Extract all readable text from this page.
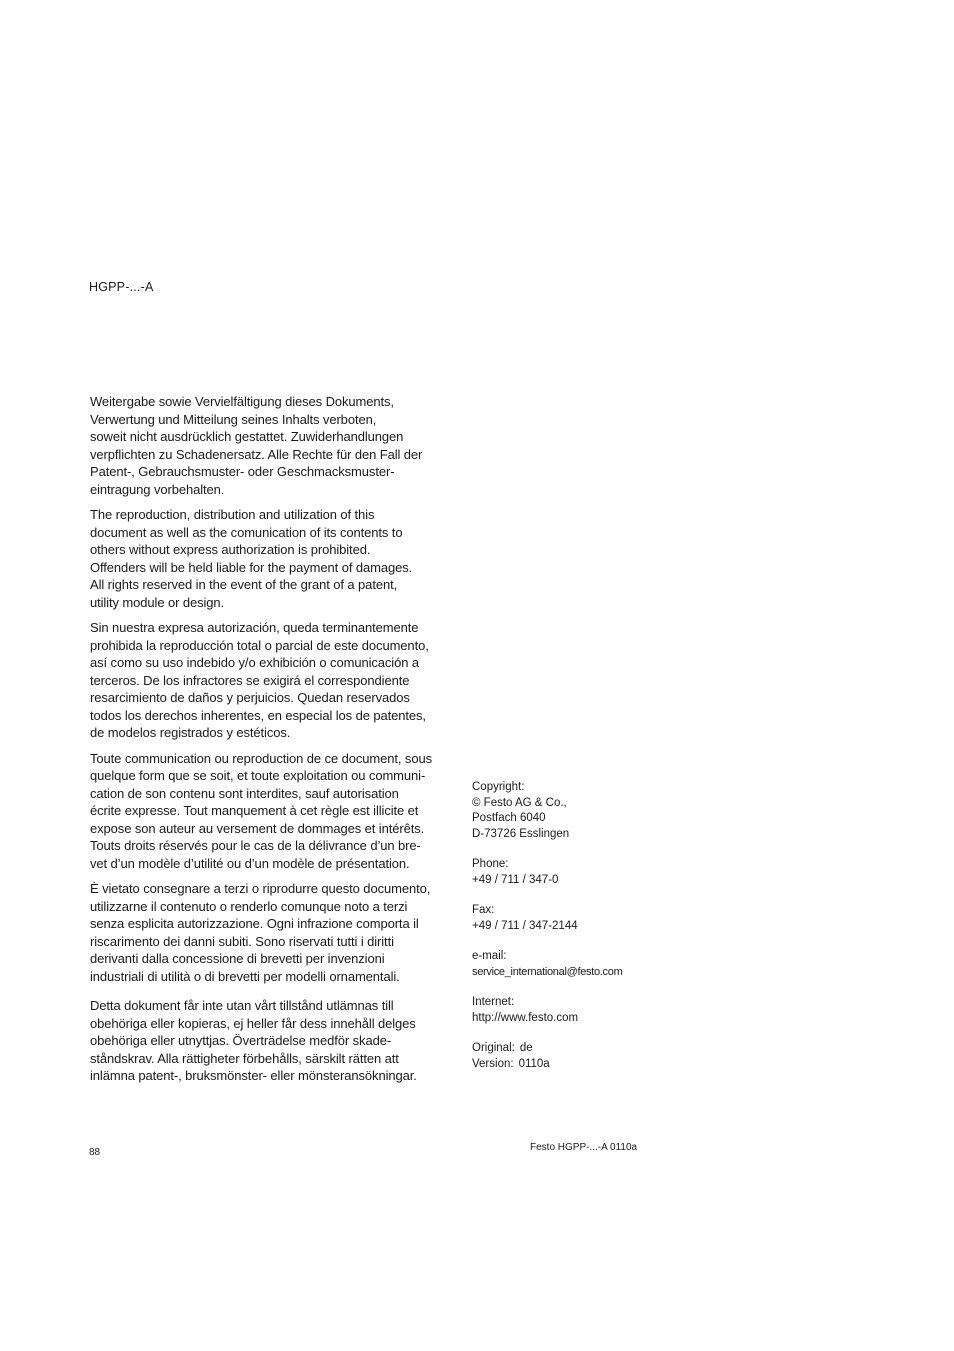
HGPP-...-A

Weitergabe sowie Vervielfältigung dieses Dokuments,
Verwertung und Mitteilung seines Inhalts verboten,
soweit nicht ausdrücklich gestattet. Zuwiderhandlungen
verpflichten zu Schadenersatz. Alle Rechte für den Fall der
Patent-, Gebrauchsmuster- oder Geschmacksmuster-
eintragung vorbehalten.

The reproduction, distribution and utilization of this
document as well as the comunication of its contents to
others without express authorization is prohibited.
Offenders will be held liable for the payment of damages.
All rights reserved in the event of the grant of a patent,
utility module or design.

Sin nuestra expresa autorización, queda terminantemente
prohibida la reproducción total o parcial de este documento,
así como su uso indebido y/o exhibición o comunicación a
terceros. De los infractores se exigirá el correspondiente
resarcimiento de daños y perjuicios. Quedan reservados
todos los derechos inherentes, en especial los de patentes,
de modelos registrados y estéticos.

Toute communication ou reproduction de ce document, sous
quelque form que se soit, et toute exploitation ou communi-
cation de son contenu sont interdites, sauf autorisation
écrite expresse. Tout manquement à cet règle est illicite et
expose son auteur au versement de dommages et intérêts.
Touts droits réservés pour le cas de la délivrance d’un bre-
vet d’un modèle d’utilité ou d’un modèle de présentation.

È vietato consegnare a terzi o riprodurre questo documento,
utilizzarne il contenuto o renderlo comunque noto a terzi
senza esplicita autorizzazione. Ogni infrazione comporta il
riscarimento dei danni subiti. Sono riservati tutti i diritti
derivanti dalla concessione di brevetti per invenzioni
industriali di utilità o di brevetti per modelli ornamentali.

Detta dokument får inte utan vårt tillstånd utlämnas till
obehöriga eller kopieras, ej heller får dess innehåll delges
obehöriga eller utnyttjas. Överträdelse medför skade-
ståndskrav. Alla rättigheter förbehålls, särskilt rätten att
inlämna patent-, bruksmönster- eller mönsteransökningar.

Copyright:
© Festo AG & Co.,
Postfach 6040
D-73726 Esslingen
Phone:
+49 / 711 / 347-0
Fax:
+49 / 711 / 347-2144
e-mail:
service_international@festo.com
Internet:
http://www.festo.com
Original: de
Version: 0110a
88	Festo HGPP-...-A 0110a
